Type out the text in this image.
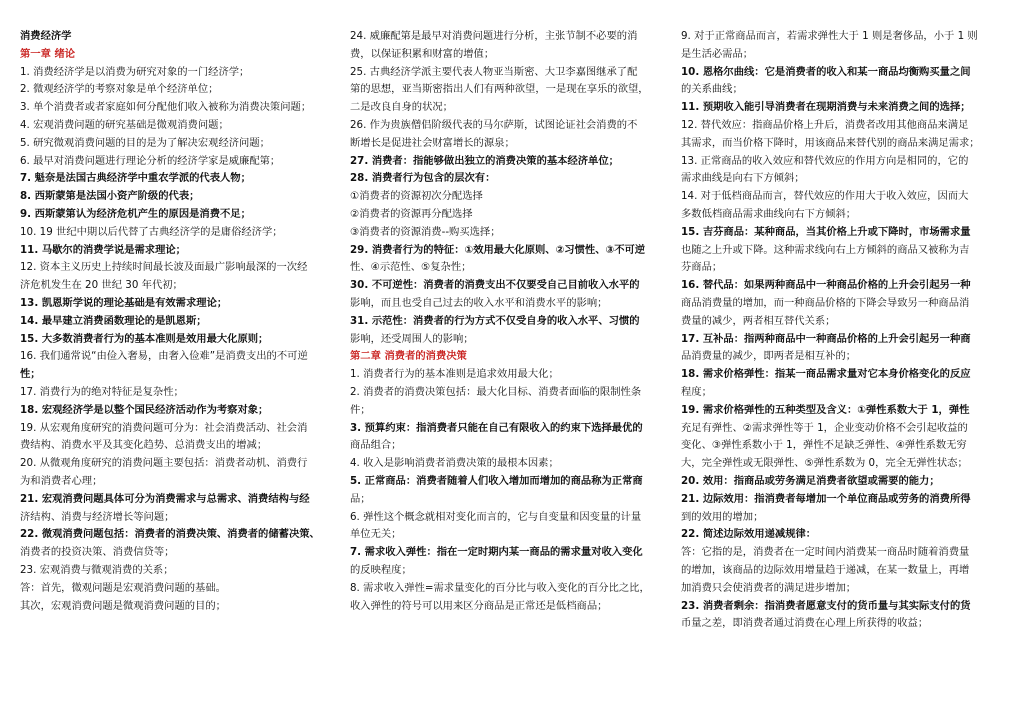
消费经济学
第一章 绪论
1. 消费经济学是以消费为研究对象的一门经济学；
2. 微观经济学的考察对象是单个经济单位；
3. 单个消费者或者家庭如何分配他们收入被称为消费决策问题；
4. 宏观消费问题的研究基础是微观消费问题；
5. 研究微观消费问题的目的是为了解决宏观经济问题；
6. 最早对消费问题进行理论分析的经济学家是威廉配第；
7. 魁奈是法国古典经济学中重农学派的代表人物；
8. 西斯蒙第是法国小资产阶级的代表；
9. 西斯蒙第认为经济危机产生的原因是消费不足；
10. 19 世纪中期以后代替了古典经济学的是庸俗经济学；
11. 马歇尔的消费学说是需求理论；
12. 资本主义历史上持续时间最长波及面最广影响最深的一次经
济危机发生在 20 世纪 30 年代初；
13. 凯恩斯学说的理论基础是有效需求理论；
14. 最早建立消费函数理论的是凯恩斯；
15. 大多数消费者行为的基本准则是效用最大化原则；
16. 我们通常说“由俭入奢易，由奢入俭难”是消费支出的不可逆
性；
17. 消费行为的绝对特征是复杂性；
18. 宏观经济学是以整个国民经济活动作为考察对象；
19. 从宏观角度研究的消费问题可分为：社会消费活动、社会消
费结构、消费水平及其变化趋势、总消费支出的增减；
20. 从微观角度研究的消费问题主要包括：消费者动机、消费行
为和消费者心理；
21. 宏观消费问题具体可分为消费需求与总需求、消费结构与经
济结构、消费与经济增长等问题；
22. 微观消费问题包括：消费者的消费决策、消费者的储蓄决策、
消费者的投资决策、消费信贷等；
23. 宏观消费与微观消费的关系；
答：首先，微观问题是宏观消费问题的基础。
其次，宏观消费问题是微观消费问题的目的；
24. 威廉配第是最早对消费问题进行分析，主张节制不必要的消
费，以保证积累和财富的增值；
25. 古典经济学派主要代表人物亚当斯密、大卫李嘉图继承了配
第的思想，亚当斯密指出人们有两种欲望，一是现在享乐的欲望，
二是改良自身的状况；
26. 作为贵族僧侣阶级代表的马尔萨斯，试图论证社会消费的不
断增长是促进社会财富增长的源泉；
27. 消费者：指能够做出独立的消费决策的基本经济单位；
28. 消费者行为包含的层次有：
①消费者的资源初次分配选择
②消费者的资源再分配选择
③消费者的资源消费--购买选择；
29. 消费者行为的特征：①效用最大化原则、②习惯性、③不可逆
性、④示范性、⑤复杂性；
30. 不可逆性：消费者的消费支出不仅要受自己目前收入水平的
影响，而且也受自己过去的收入水平和消费水平的影响；
31. 示范性：消费者的行为方式不仅受自身的收入水平、习惯的
影响，还受周围人的影响；
第二章 消费者的消费决策
1. 消费者行为的基本准则是追求效用最大化；
2. 消费者的消费决策包括：最大化目标、消费者面临的限制性条
件；
3. 预算约束：指消费者只能在自己有限收入的约束下选择最优的
商品组合；
4. 收入是影响消费者消费决策的最根本因素；
5. 正常商品：消费者随着人们收入增加而增加的商品称为正常商
品；
6. 弹性这个概念就相对变化而言的，它与自变量和因变量的计量
单位无关；
7. 需求收入弹性：指在一定时期内某一商品的需求量对收入变化
的反映程度；
8. 需求收入弹性=需求量变化的百分比与收入变化的百分比之比，
收入弹性的符号可以用来区分商品是正常还是低档商品；
9. 对于正常商品而言，若需求弹性大于 1 则是奢侈品，小于 1 则
是生活必需品；
10. 恩格尔曲线：它是消费者的收入和某一商品均衡购买量之间
的关系曲线；
11. 预期收入能引导消费者在现期消费与未来消费之间的选择；
12. 替代效应：指商品价格上升后，消费者改用其他商品来满足
其需求，而当价格下降时，用该商品来替代别的商品来满足需求；
13. 正常商品的收入效应和替代效应的作用方向是相同的，它的
需求曲线是向右下方倾斜；
14. 对于低档商品而言，替代效应的作用大于收入效应，因而大
多数低档商品需求曲线向右下方倾斜；
15. 吉芬商品：某种商品，当其价格上升或下降时，市场需求量
也随之上升或下降。这种需求线向右上方倾斜的商品又被称为吉
芬商品；
16. 替代品：如果两种商品中一种商品价格的上升会引起另一种
商品消费量的增加，而一种商品价格的下降会导致另一种商品消
费量的减少，两者相互替代关系；
17. 互补品：指两种商品中一种商品价格的上升会引起另一种商
品消费量的减少，即两者是相互补的；
18. 需求价格弹性：指某一商品需求量对它本身价格变化的反应
程度；
19. 需求价格弹性的五种类型及含义：①弹性系数大于 1，弹性
充足有弹性、②需求弹性等于 1，企业变动价格不会引起收益的
变化、③弹性系数小于 1，弹性不足缺乏弹性、④弹性系数无穷
大，完全弹性或无限弹性、⑤弹性系数为 0，完全无弹性状态；
20. 效用：指商品或劳务满足消费者欲望或需要的能力；
21. 边际效用：指消费者每增加一个单位商品或劳务的消费所得
到的效用的增加；
22. 简述边际效用递减规律：
答：它指的是，消费者在一定时间内消费某一商品时随着消费量
的增加，该商品的边际效用增量趋于递减，在某一数量上，再增
加消费只会使消费者的满足进步增加；
23. 消费者剩余：指消费者愿意支付的货币量与其实际支付的货
币量之差，即消费者通过消费在心理上所获得的收益；
